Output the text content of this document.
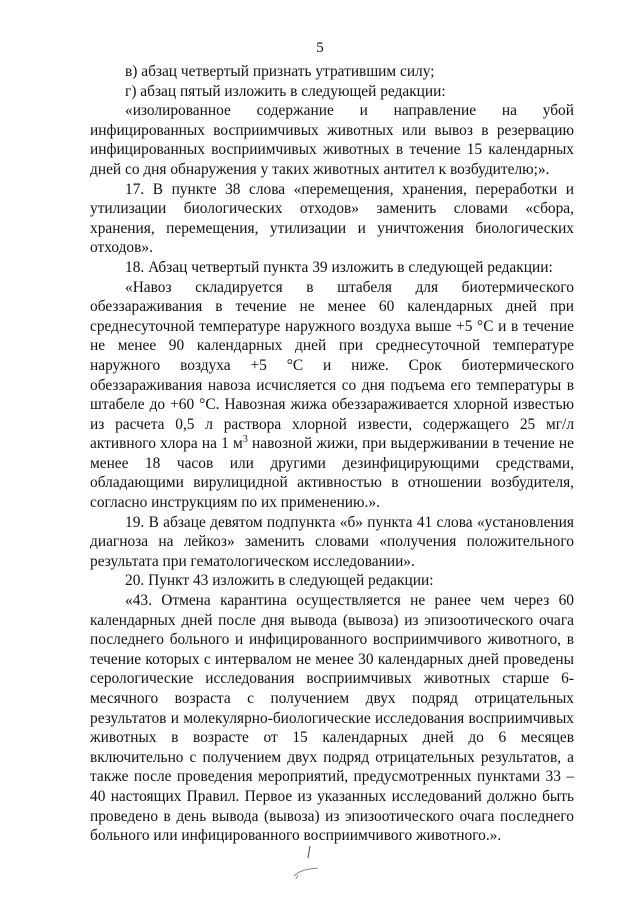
5

в) абзац четвертый признать утратившим силу;

г) абзац пятый изложить в следующей редакции:

«изолированное содержание и направление на убой инфицированных восприимчивых животных или вывоз в резервацию инфицированных восприимчивых животных в течение 15 календарных дней со дня обнаружения у таких животных антител к возбудителю;».

17. В пункте 38 слова «перемещения, хранения, переработки и утилизации биологических отходов» заменить словами «сбора, хранения, перемещения, утилизации и уничтожения биологических отходов».

18. Абзац четвертый пункта 39 изложить в следующей редакции:

«Навоз складируется в штабеля для биотермического обеззараживания в течение не менее 60 календарных дней при среднесуточной температуре наружного воздуха выше +5 °С и в течение не менее 90 календарных дней при среднесуточной температуре наружного воздуха +5 °С и ниже. Срок биотермического обеззараживания навоза исчисляется со дня подъема его температуры в штабеле до +60 °С. Навозная жижа обеззараживается хлорной известью из расчета 0,5 л раствора хлорной извести, содержащего 25 мг/л активного хлора на 1 $м^3$ навозной жижи, при выдерживании в течение не менее 18 часов или другими дезинфицирующими средствами, обладающими вирулицидной активностью в отношении возбудителя, согласно инструкциям по их применению.».

19. В абзаце девятом подпункта «б» пункта 41 слова «установления диагноза на лейкоз» заменить словами «получения положительного результата при гематологическом исследовании».

20. Пункт 43 изложить в следующей редакции:

«43. Отмена карантина осуществляется не ранее чем через 60 календарных дней после дня вывода (вывоза) из эпизоотического очага последнего больного и инфицированного восприимчивого животного, в течение которых с интервалом не менее 30 календарных дней проведены серологические исследования восприимчивых животных старше 6-месячного возраста с получением двух подряд отрицательных результатов и молекулярно-биологические исследования восприимчивых животных в возрасте от 15 календарных дней до 6 месяцев включительно с получением двух подряд отрицательных результатов, а также после проведения мероприятий, предусмотренных пунктами 33 – 40 настоящих Правил. Первое из указанных исследований должно быть проведено в день вывода (вывоза) из эпизоотического очага последнего больного или инфицированного восприимчивого животного.».
